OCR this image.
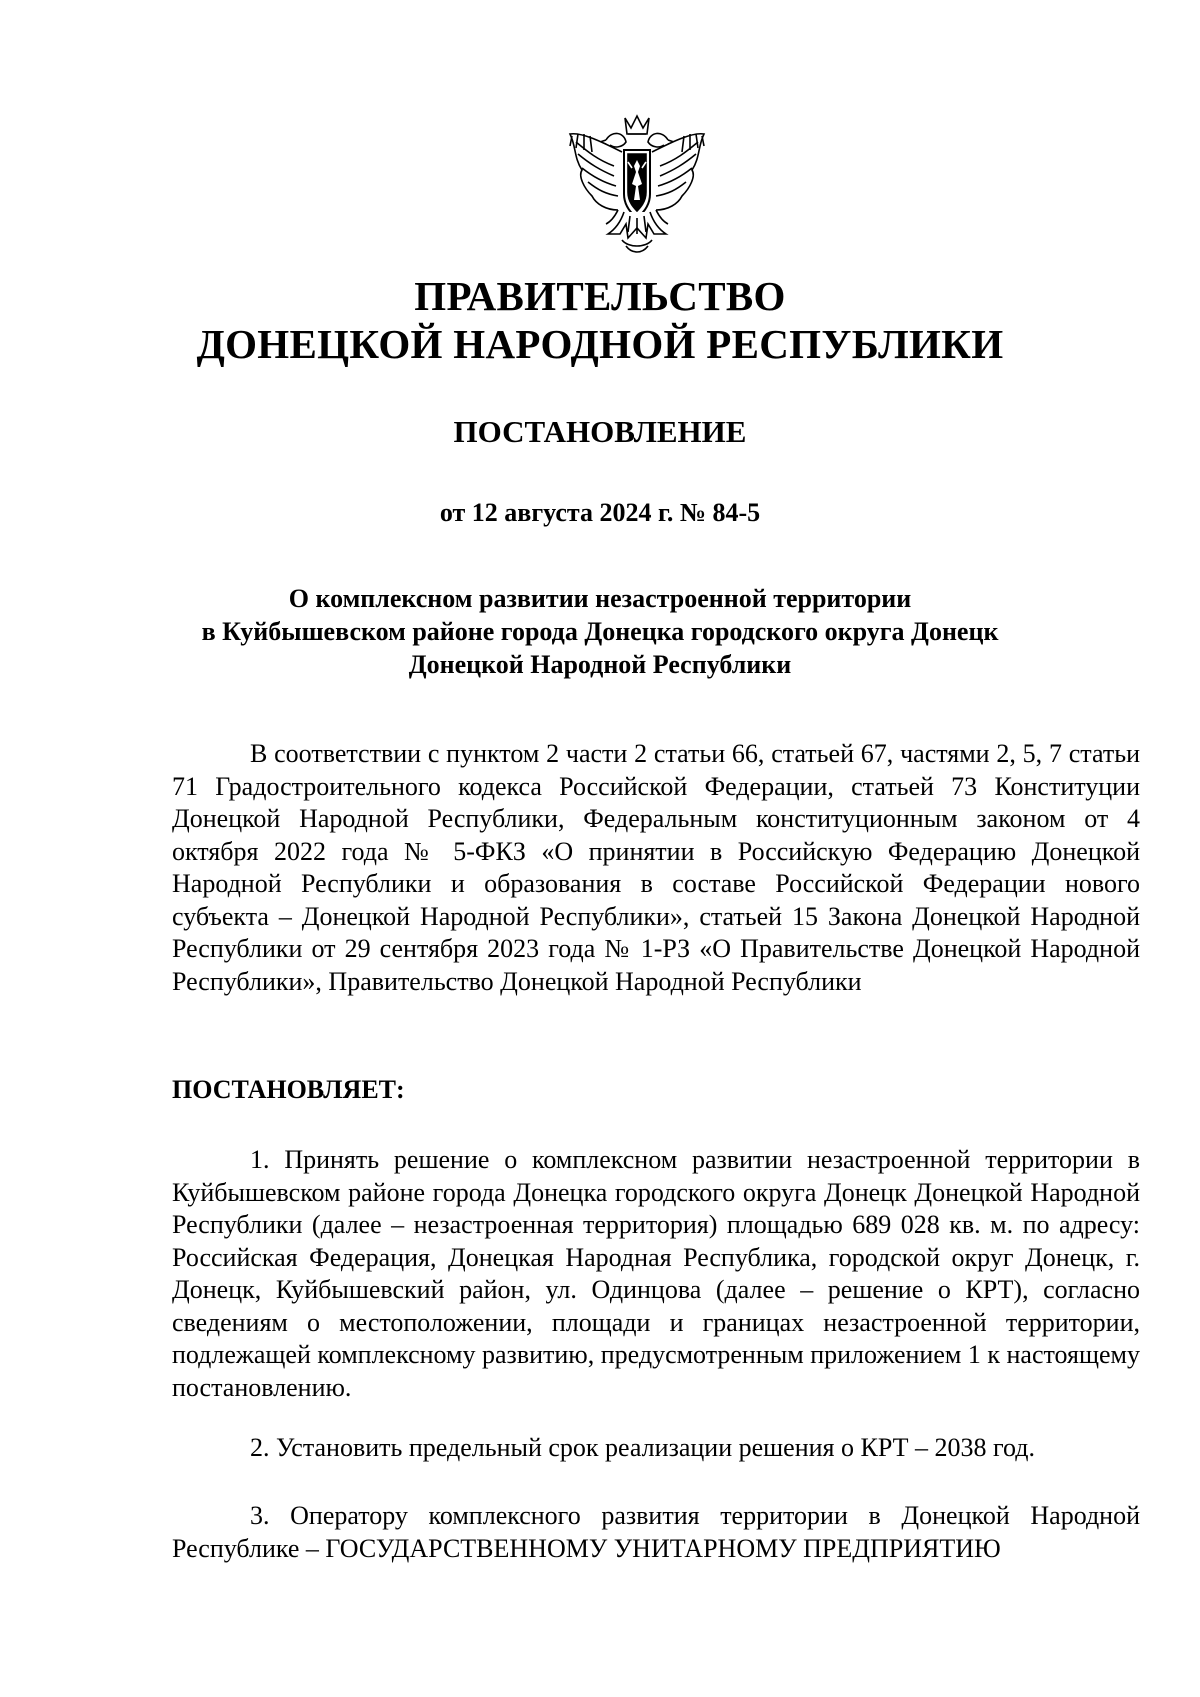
ПРАВИТЕЛЬСТВО
ДОНЕЦКОЙ НАРОДНОЙ РЕСПУБЛИКИ
ПОСТАНОВЛЕНИЕ
от 12 августа 2024 г. № 84-5
О комплексном развитии незастроенной территории
в Куйбышевском районе города Донецка городского округа Донецк
Донецкой Народной Республики
В соответствии с пунктом 2 части 2 статьи 66, статьей 67, частями 2, 5, 7 статьи 71 Градостроительного кодекса Российской Федерации, статьей 73 Конституции Донецкой Народной Республики, Федеральным конституционным законом от 4 октября 2022 года № 5-ФКЗ «О принятии в Российскую Федерацию Донецкой Народной Республики и образования в составе Российской Федерации нового субъекта – Донецкой Народной Республики», статьей 15 Закона Донецкой Народной Республики от 29 сентября 2023 года № 1-РЗ «О Правительстве Донецкой Народной Республики», Правительство Донецкой Народной Республики
ПОСТАНОВЛЯЕТ:
1. Принять решение о комплексном развитии незастроенной территории в Куйбышевском районе города Донецка городского округа Донецк Донецкой Народной Республики (далее – незастроенная территория) площадью 689 028 кв. м. по адресу: Российская Федерация, Донецкая Народная Республика, городской округ Донецк, г. Донецк, Куйбышевский район, ул. Одинцова (далее – решение о КРТ), согласно сведениям о местоположении, площади и границах незастроенной территории, подлежащей комплексному развитию, предусмотренным приложением 1 к настоящему постановлению.
2. Установить предельный срок реализации решения о КРТ – 2038 год.
3. Оператору комплексного развития территории в Донецкой Народной Республике – ГОСУДАРСТВЕННОМУ УНИТАРНОМУ ПРЕДПРИЯТИЮ
